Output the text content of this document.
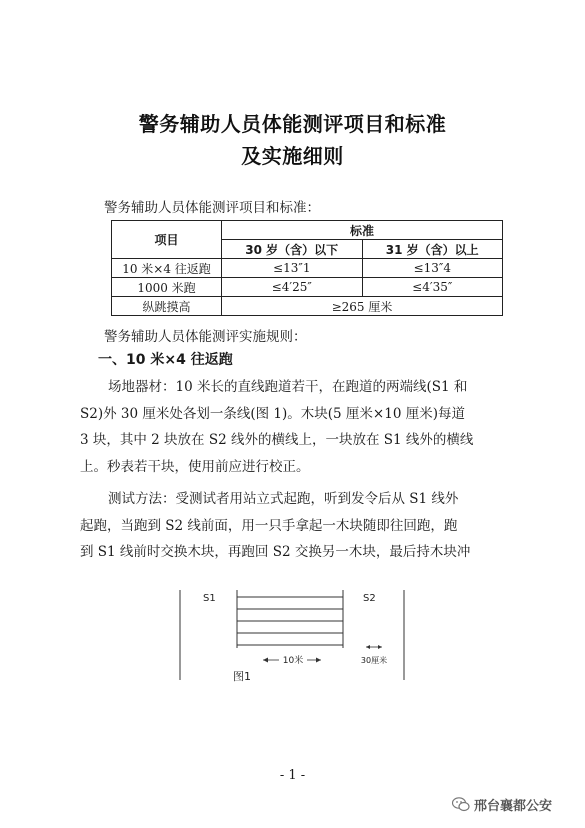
警务辅助人员体能测评项目和标准
及实施细则
警务辅助人员体能测评项目和标准：
项目	标准	
	30 岁（含）以下	31 岁（含）以上
10 米×4 往返跑	≤13″1	≤13″4
1000 米跑	≤4′25″	≤4′35″
纵跳摸高	≥265 厘米	
警务辅助人员体能测评实施规则：
一、10 米×4 往返跑
场地器材：10 米长的直线跑道若干，在跑道的两端线(S1 和
S2)外 30 厘米处各划一条线(图 1)。木块(5 厘米×10 厘米)每道
3 块，其中 2 块放在 S2 线外的横线上，一块放在 S1 线外的横线
上。秒表若干块，使用前应进行校正。
测试方法：受测试者用站立式起跑，听到发令后从 S1 线外
起跑，当跑到 S2 线前面，用一只手拿起一木块随即往回跑，跑
到 S1 线前时交换木块，再跑回 S2 交换另一木块，最后持木块冲
S1	S2
10米	30厘米
图1
- 1 -
邢台襄都公安
